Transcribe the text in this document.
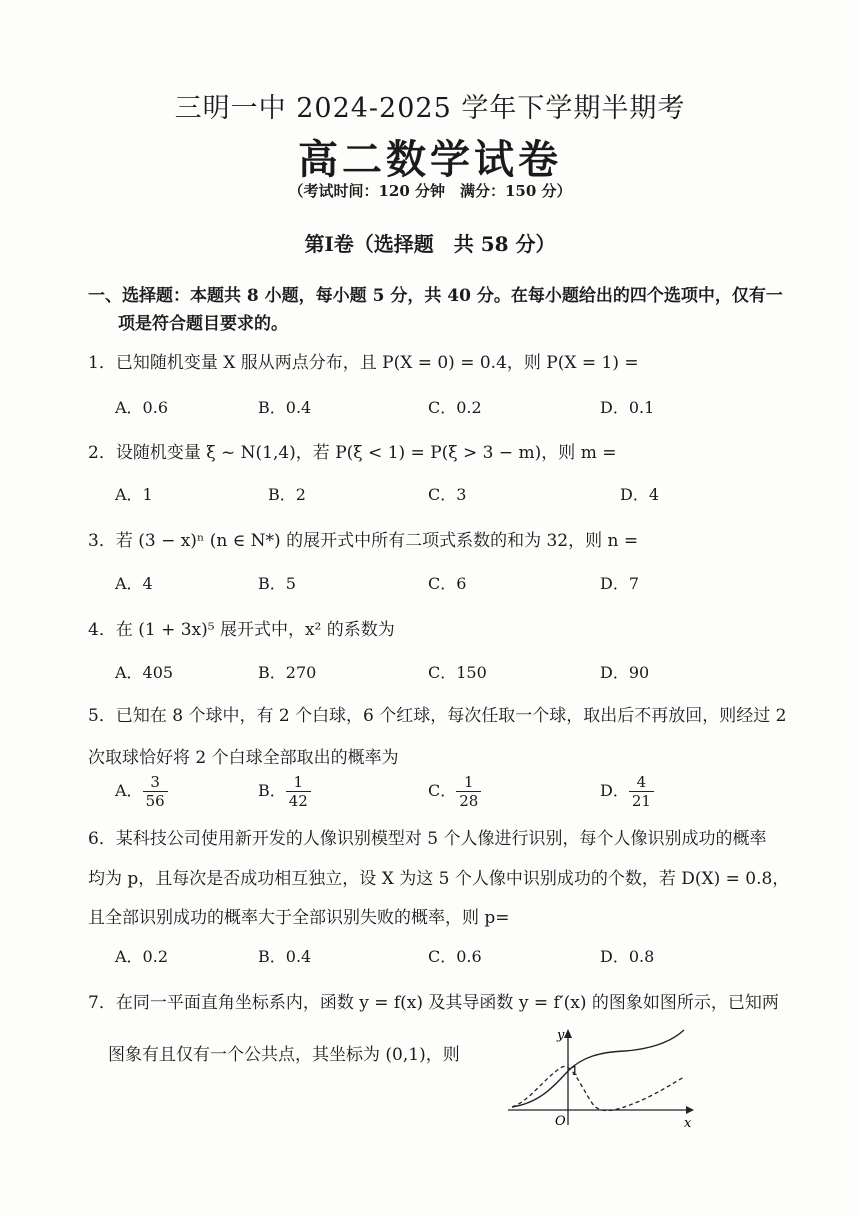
三明一中 2024-2025 学年下学期半期考
高二数学试卷
（考试时间：120 分钟　满分：150 分）
第Ⅰ卷（选择题　共 58 分）
一、选择题：本题共 8 小题，每小题 5 分，共 40 分。在每小题给出的四个选项中，仅有一
项是符合题目要求的。
1．已知随机变量 X 服从两点分布，且 P(X = 0) = 0.4，则 P(X = 1) =
A．0.6	B．0.4	C．0.2	D．0.1
2．设随机变量 ξ ~ N(1,4)，若 P(ξ < 1) = P(ξ > 3 − m)，则 m =
A．1	B．2	C．3	D．4
3．若 (3 − x)ⁿ (n ∈ N*) 的展开式中所有二项式系数的和为 32，则 n =
A．4	B．5	C．6	D．7
4．在 (1 + 3x)⁵ 展开式中，x² 的系数为
A．405	B．270	C．150	D．90
5．已知在 8 个球中，有 2 个白球，6 个红球，每次任取一个球，取出后不再放回，则经过 2
次取球恰好将 2 个白球全部取出的概率为
A． $\frac{3}{56}$	B． $\frac{1}{42}$	C． $\frac{1}{28}$	D． $\frac{4}{21}$
6．某科技公司使用新开发的人像识别模型对 5 个人像进行识别，每个人像识别成功的概率
均为 p，且每次是否成功相互独立，设 X 为这 5 个人像中识别成功的个数，若 D(X) = 0.8，
且全部识别成功的概率大于全部识别失败的概率，则 p=
A．0.2	B．0.4	C．0.6	D．0.8
7．在同一平面直角坐标系内，函数 y = f(x) 及其导函数 y = f′(x) 的图象如图所示，已知两
图象有且仅有一个公共点，其坐标为 (0,1)，则
y
x
O
1
